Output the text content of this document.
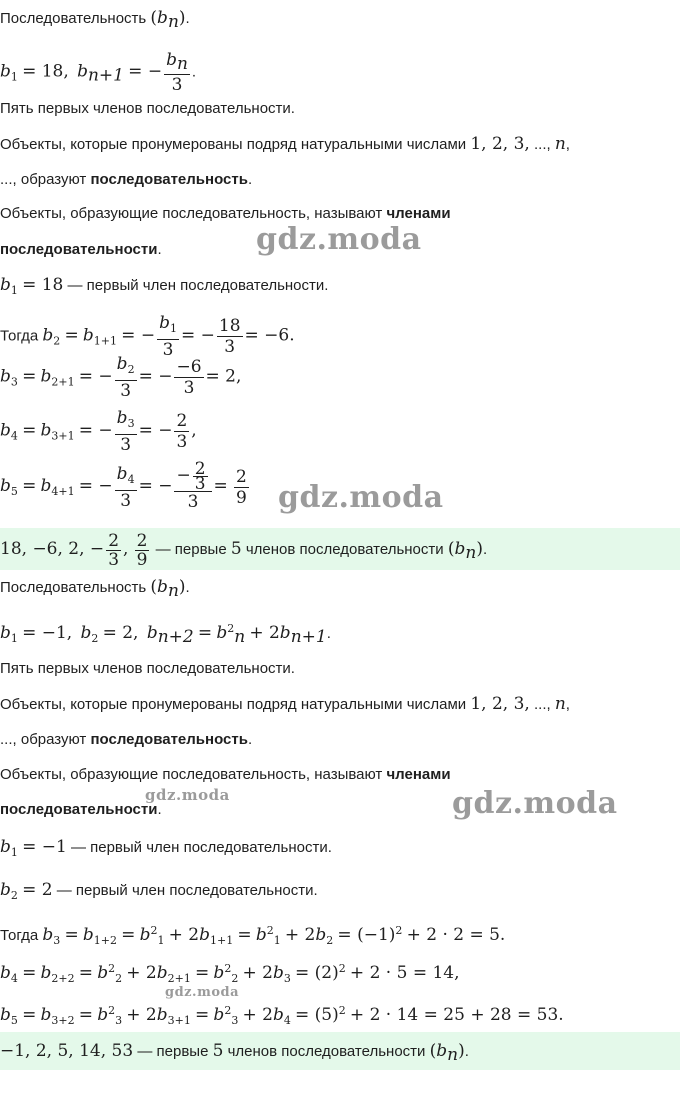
Последовательность $(b_n)$.
$b_1 = 18$, $b_{n+1}$ = − $\frac{b_n}{3}$ .
Пять первых членов последовательности.
Объекты, которые пронумерованы подряд натуральными числами 1, 2, 3, ..., n,
..., образуют последовательность.
Объекты, образующие последовательность, называют членами
последовательности.
$b_1 = 18$ — первый член последовательности.
Тогда $b_2 = b_{1+1}$ = − $\frac{b_1}{3}$ = − $\frac{18}{3} = -6$.
$b_3 = b_{2+1}$ = − $\frac{b_2}{3}$ = − $\frac{-6}{3} = 2$,
$b_4 = b_{3+1}$ = − $\frac{b_3}{3}$ = − $\frac{2}{3}$ ,
$b_5 = b_{4+1}$ = − $\frac{b_4}{3}$ = − $\frac{- \frac{2}{3}}{3} = \frac{2}{9}$
18, −6, 2, − $\frac{2}{3}$ , $\frac{2}{9}$ — первые 5 членов последовательности $(b_n)$.
Последовательность $(b_n)$.
$b_1 = -1$, $b_2 = 2$, $b_{n+2} = b^2_n + 2b_{n+1}$.
Пять первых членов последовательности.
Объекты, которые пронумерованы подряд натуральными числами 1, 2, 3, ..., n,
..., образуют последовательность.
Объекты, образующие последовательность, называют членами
последовательности.
$b_1 = -1$ — первый член последовательности.
$b_2 = 2$ — первый член последовательности.
Тогда $b_3 = b_{1+2} = b^2_1 + 2b_{1+1} = b^2_1 + 2b_2 = (-1)^2 + 2 \cdot 2 = 5$.
$b_4 = b_{2+2} = b^2_2 + 2b_{2+1} = b^2_2 + 2b_3 = (2)^2 + 2 \cdot 5 = 14$,
$b_5 = b_{3+2} = b^2_3 + 2b_{3+1} = b^2_3 + 2b_4 = (5)^2 + 2 \cdot 14 = 25 + 28 = 53$.
−1, 2, 5, 14, 53 — первые 5 членов последовательности $(b_n)$.
gdz.moda
gdz.moda
gdz.moda
gdz.moda
gdz.moda
